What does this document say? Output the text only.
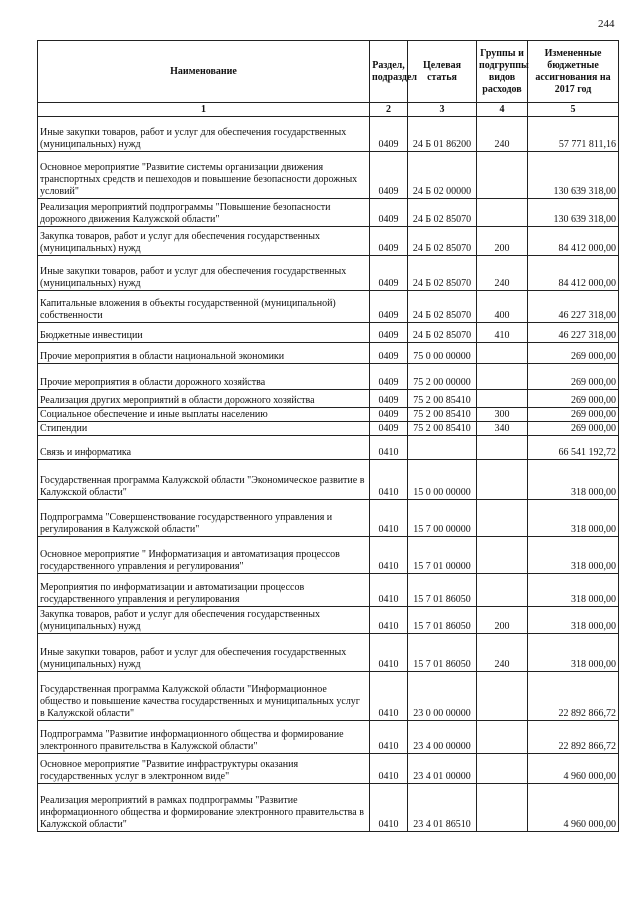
244
Наименование	Раздел, подраздел	Целевая статья	Группы и подгруппы видов расходов	Измененные бюджетные ассигнования на 2017 год
1	2	3	4	5
Иные закупки товаров, работ и услуг для обеспечения государственных (муниципальных) нужд	0409	24 Б 01 86200	240	57 771 811,16
Основное мероприятие "Развитие системы организации движения транспортных средств и пешеходов и повышение безопасности дорожных условий"	0409	24 Б 02 00000		130 639 318,00
Реализация мероприятий подпрограммы "Повышение безопасности дорожного движения Калужской области"	0409	24 Б 02 85070		130 639 318,00
Закупка товаров, работ и услуг для обеспечения государственных (муниципальных) нужд	0409	24 Б 02 85070	200	84 412 000,00
Иные закупки товаров, работ и услуг для обеспечения государственных (муниципальных) нужд	0409	24 Б 02 85070	240	84 412 000,00
Капитальные вложения в объекты государственной (муниципальной) собственности	0409	24 Б 02 85070	400	46 227 318,00
Бюджетные инвестиции	0409	24 Б 02 85070	410	46 227 318,00
Прочие мероприятия в области национальной экономики	0409	75 0 00 00000		269 000,00
Прочие мероприятия в области дорожного хозяйства	0409	75 2 00 00000		269 000,00
Реализация других мероприятий в области дорожного хозяйства	0409	75 2 00 85410		269 000,00
Социальное обеспечение и иные выплаты населению	0409	75 2 00 85410	300	269 000,00
Стипендии	0409	75 2 00 85410	340	269 000,00
Связь и информатика	0410			66 541 192,72
Государственная программа Калужской области "Экономическое развитие в Калужской области"	0410	15 0 00 00000		318 000,00
Подпрограмма "Совершенствование государственного управления и регулирования в Калужской области"	0410	15 7 00 00000		318 000,00
Основное мероприятие " Информатизация и автоматизация процессов государственного управления и регулирования"	0410	15 7 01 00000		318 000,00
Мероприятия по информатизации и автоматизации процессов государственного управления и регулирования	0410	15 7 01 86050		318 000,00
Закупка товаров, работ и услуг для обеспечения государственных (муниципальных) нужд	0410	15 7 01 86050	200	318 000,00
Иные закупки товаров, работ и услуг для обеспечения государственных (муниципальных) нужд	0410	15 7 01 86050	240	318 000,00
Государственная программа Калужской области "Информационное общество и повышение качества государственных и муниципальных услуг в Калужской области"	0410	23 0 00 00000		22 892 866,72
Подпрограмма "Развитие информационного общества и формирование электронного правительства в Калужской области"	0410	23 4 00 00000		22 892 866,72
Основное мероприятие "Развитие инфраструктуры оказания государственных услуг в электронном виде"	0410	23 4 01 00000		4 960 000,00
Реализация мероприятий в рамках подпрограммы "Развитие информационного общества и формирование электронного правительства в Калужской области"	0410	23 4 01 86510		4 960 000,00
